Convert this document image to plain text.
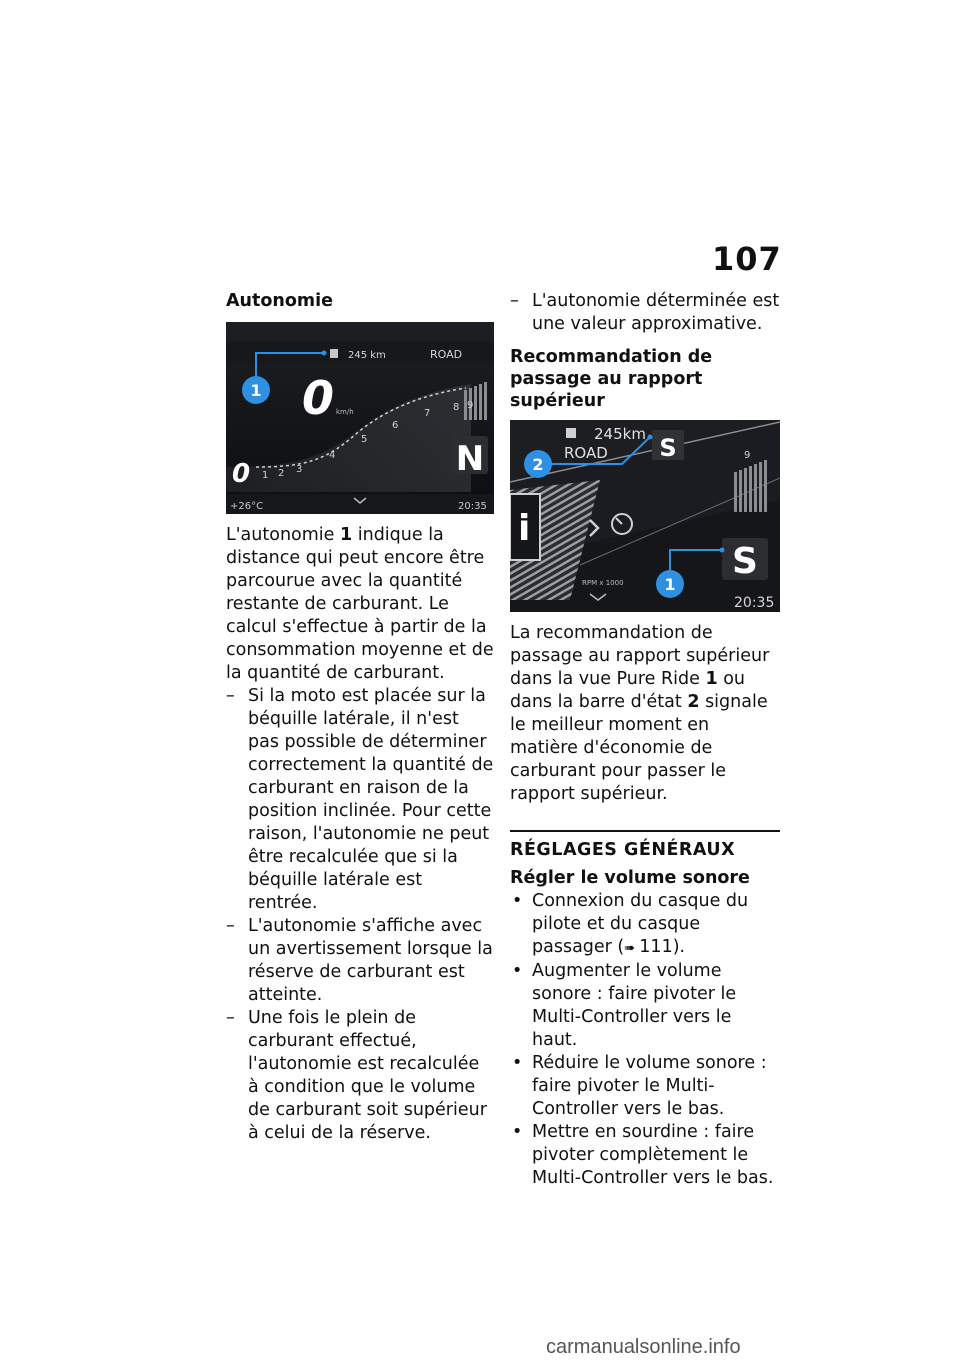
107
Autonomie
245 km	ROAD
1 0 km/h
1 2 3
4
5
6
7
8 9
0	N
+26°C	20:35

L'autonomie 1 indique la distance qui peut encore être parcourue avec la quantité restante de carburant. Le calcul s'effectue à partir de la consommation moyenne et de la quantité de carburant.

– Si la moto est placée sur la béquille latérale, il n'est pas possible de déterminer correctement la quantité de carburant en raison de la position inclinée. Pour cette raison, l'autonomie ne peut être recalculée que si la béquille latérale est rentrée.
– L'autonomie s'affiche avec un avertissement lorsque la réserve de carburant est atteinte.
– Une fois le plein de carburant effectué, l'autonomie est recalculée à condition que le volume de carburant soit supérieur à celui de la réserve.
– L'autonomie déterminée est une valeur approximative.
Recommandation de passage au rapport supérieur
i
RPM x 1000
245km
ROAD S
2	9
S
1
20:35

La recommandation de passage au rapport supérieur dans la vue Pure Ride 1 ou dans la barre d'état 2 signale le meilleur moment en matière d'économie de carburant pour passer le rapport supérieur.

RÉGLAGES GÉNÉRAUX
Régler le volume sonore
• Connexion du casque du pilote et du casque passager (➠ 111).
• Augmenter le volume sonore : faire pivoter le Multi-Controller vers le haut.
• Réduire le volume sonore : faire pivoter le Multi-Controller vers le bas.
• Mettre en sourdine : faire pivoter complètement le Multi-Controller vers le bas.
carmanualsonline.info
